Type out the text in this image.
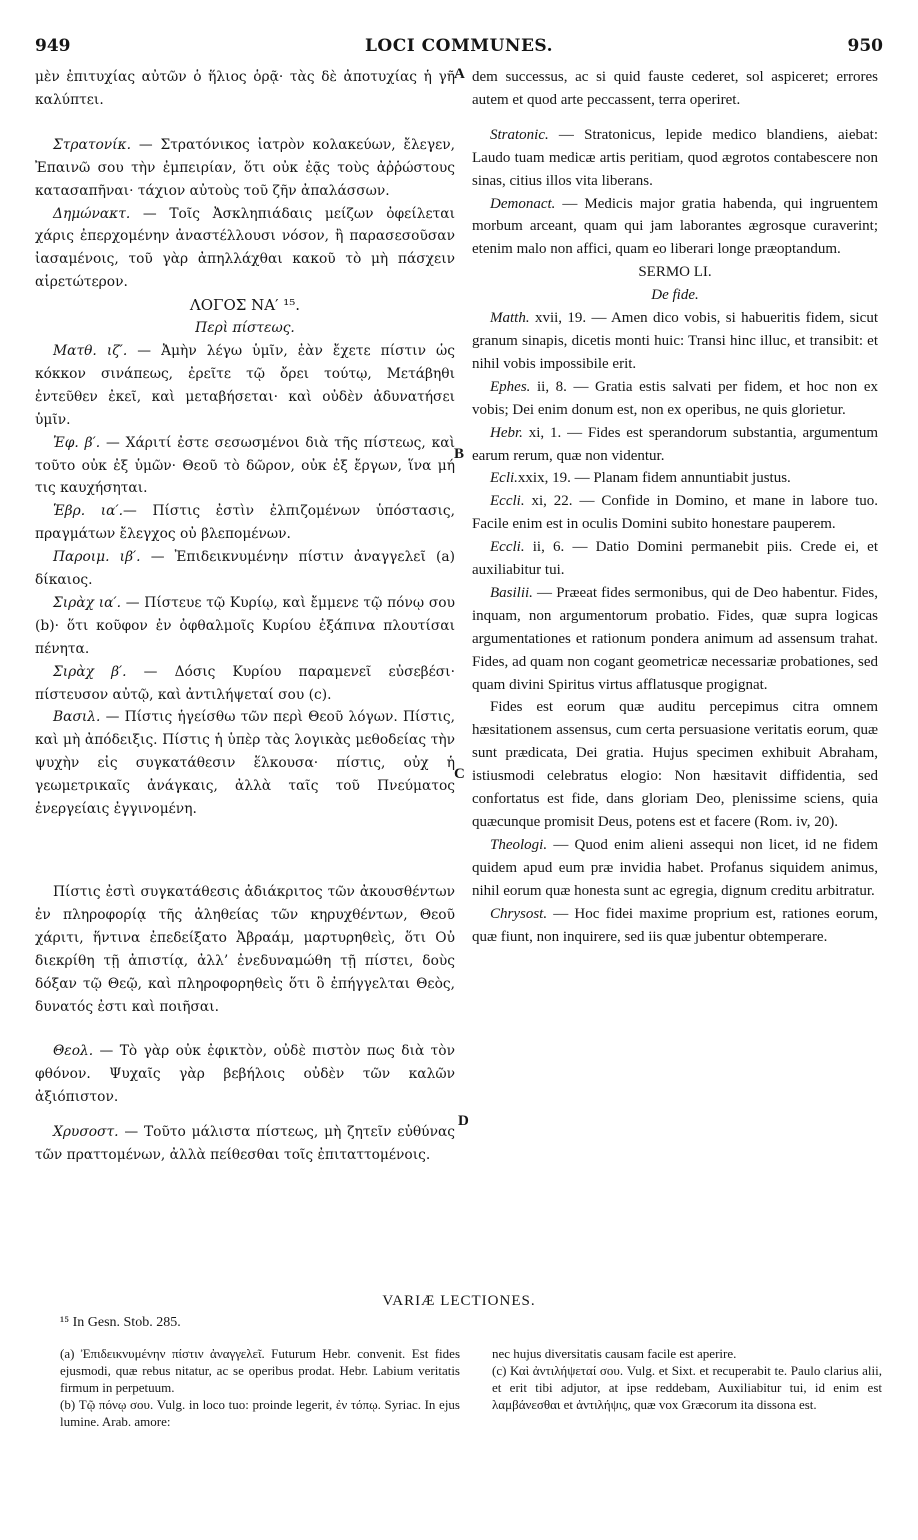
949	LOCI COMMUNES.	950
A
B
C
D
μὲν ἐπιτυχίας αὐτῶν ὁ ἥλιος ὁρᾷ· τὰς δὲ ἀποτυχίας ἡ γῆ καλύπτει.
Στρατονίκ. — Στρατόνικος ἰατρὸν κολακεύων, ἔλεγεν, Ἐπαινῶ σου τὴν ἐμπειρίαν, ὅτι οὐκ ἐᾷς τοὺς ἀῤῥώστους κατασαπῆναι· τάχιον αὐτοὺς τοῦ ζῆν ἀπαλάσσων.
Δημώνακτ. — Τοῖς Ἀσκληπιάδαις μείζων ὀφείλεται χάρις ἐπερχομένην ἀναστέλλουσι νόσον, ἢ παρασεσοῦσαν ἰασαμένοις, τοῦ γὰρ ἀπηλλάχθαι κακοῦ τὸ μὴ πάσχειν αἱρετώτερον.
ΛΟΓΟΣ ΝΑ′ ¹⁵.
Περὶ πίστεως.
Ματθ. ιζ′. — Ἀμὴν λέγω ὑμῖν, ἐὰν ἔχετε πίστιν ὡς κόκκον σινάπεως, ἐρεῖτε τῷ ὄρει τούτῳ, Μετάβηθι ἐντεῦθεν ἐκεῖ, καὶ μεταβήσεται· καὶ οὐδὲν ἀδυνατήσει ὑμῖν.
Ἐφ. β′. — Χάριτί ἐστε σεσωσμένοι διὰ τῆς πίστεως, καὶ τοῦτο οὐκ ἐξ ὑμῶν· Θεοῦ τὸ δῶρον, οὐκ ἐξ ἔργων, ἵνα μή τις καυχήσηται.
Ἑβρ. ια′.— Πίστις ἐστὶν ἐλπιζομένων ὑπόστασις, πραγμάτων ἔλεγχος οὐ βλεπομένων.
Παροιμ. ιβ′. — Ἐπιδεικνυμένην πίστιν ἀναγγελεῖ (a) δίκαιος.
Σιρὰχ ια′. — Πίστευε τῷ Κυρίῳ, καὶ ἔμμενε τῷ πόνῳ σου (b)· ὅτι κοῦφον ἐν ὀφθαλμοῖς Κυρίου ἐξάπινα πλουτίσαι πένητα.
Σιρὰχ β′. — Δόσις Κυρίου παραμενεῖ εὐσεβέσι· πίστευσον αὐτῷ, καὶ ἀντιλήψεταί σου (c).
Βασιλ. — Πίστις ἡγείσθω τῶν περὶ Θεοῦ λόγων. Πίστις, καὶ μὴ ἀπόδειξις. Πίστις ἡ ὑπὲρ τὰς λογικὰς μεθοδείας τὴν ψυχὴν εἰς συγκατάθεσιν ἕλκουσα· πίστις, οὐχ ἡ γεωμετρικαῖς ἀνάγκαις, ἀλλὰ ταῖς τοῦ Πνεύματος ἐνεργείαις ἐγγινομένη.
Πίστις ἐστὶ συγκατάθεσις ἀδιάκριτος τῶν ἀκουσθέντων ἐν πληροφορίᾳ τῆς ἀληθείας τῶν κηρυχθέντων, Θεοῦ χάριτι, ἥντινα ἐπεδείξατο Ἀβραάμ, μαρτυρηθεὶς, ὅτι Οὐ διεκρίθη τῇ ἀπιστίᾳ, ἀλλ’ ἐνεδυναμώθη τῇ πίστει, δοὺς δόξαν τῷ Θεῷ, καὶ πληροφορηθεὶς ὅτι ὃ ἐπήγγελται Θεὸς, δυνατός ἐστι καὶ ποιῆσαι.
Θεολ. — Τὸ γὰρ οὐκ ἐφικτὸν, οὐδὲ πιστὸν πως διὰ τὸν φθόνον. Ψυχαῖς γὰρ βεβήλοις οὐδὲν τῶν καλῶν ἀξιόπιστον.
Χρυσοστ. — Τοῦτο μάλιστα πίστεως, μὴ ζητεῖν εὐθύνας τῶν πραττομένων, ἀλλὰ πείθεσθαι τοῖς ἐπιταττομένοις.
dem successus, ac si quid fauste cederet, sol aspiceret; errores autem et quod arte peccassent, terra operiret.
Stratonic. — Stratonicus, lepide medico blandiens, aiebat: Laudo tuam medicæ artis peritiam, quod ægrotos contabescere non sinas, citius illos vita liberans.
Demonact. — Medicis major gratia habenda, qui ingruentem morbum arceant, quam qui jam laborantes ægrosque curaverint; etenim malo non affici, quam eo liberari longe præoptandum.
SERMO LI.
De fide.
Matth. xvii, 19. — Amen dico vobis, si habueritis fidem, sicut granum sinapis, dicetis monti huic: Transi hinc illuc, et transibit: et nihil vobis impossibile erit.
Ephes. ii, 8. — Gratia estis salvati per fidem, et hoc non ex vobis; Dei enim donum est, non ex operibus, ne quis glorietur.
Hebr. xi, 1. — Fides est sperandorum substantia, argumentum earum rerum, quæ non videntur.
Ecli.xxix, 19. — Planam fidem annuntiabit justus.
Eccli. xi, 22. — Confide in Domino, et mane in labore tuo. Facile enim est in oculis Domini subito honestare pauperem.
Eccli. ii, 6. — Datio Domini permanebit piis. Crede ei, et auxiliabitur tui.
Basilii. — Præeat fides sermonibus, qui de Deo habentur. Fides, inquam, non argumentorum probatio. Fides, quæ supra logicas argumentationes et rationum pondera animum ad assensum trahat. Fides, ad quam non cogant geometricæ necessariæ probationes, sed quam divini Spiritus virtus afflatusque progignat.
Fides est eorum quæ auditu percepimus citra omnem hæsitationem assensus, cum certa persuasione veritatis eorum, quæ sunt prædicata, Dei gratia. Hujus specimen exhibuit Abraham, istiusmodi celebratus elogio: Non hæsitavit diffidentia, sed confortatus est fide, dans gloriam Deo, plenissime sciens, quia quæcunque promisit Deus, potens est et facere (Rom. iv, 20).
Theologi. — Quod enim alieni assequi non licet, id ne fidem quidem apud eum præ invidia habet. Profanus siquidem animus, nihil eorum quæ honesta sunt ac egregia, dignum creditu arbitratur.
Chrysost. — Hoc fidei maxime proprium est, rationes eorum, quæ fiunt, non inquirere, sed iis quæ jubentur obtemperare.
VARIÆ LECTIONES.
¹⁵ In Gesn. Stob. 285.
(a) Ἐπιδεικνυμένην πίστιν ἀναγγελεῖ. Futurum Hebr. convenit. Est fides ejusmodi, quæ rebus nitatur, ac se operibus prodat. Hebr. Labium veritatis firmum in perpetuum.
(b) Τῷ πόνῳ σου. Vulg. in loco tuo: proinde legerit, ἐν τόπῳ. Syriac. In ejus lumine. Arab. amore:
nec hujus diversitatis causam facile est aperire.
(c) Καὶ ἀντιλήψεταί σου. Vulg. et Sixt. et recuperabit te. Paulo clarius alii, et erit tibi adjutor, at ipse reddebam, Auxiliabitur tui, id enim est λαμβάνεσθαι et ἀντιλήψις, quæ vox Græcorum ita dissona est.
